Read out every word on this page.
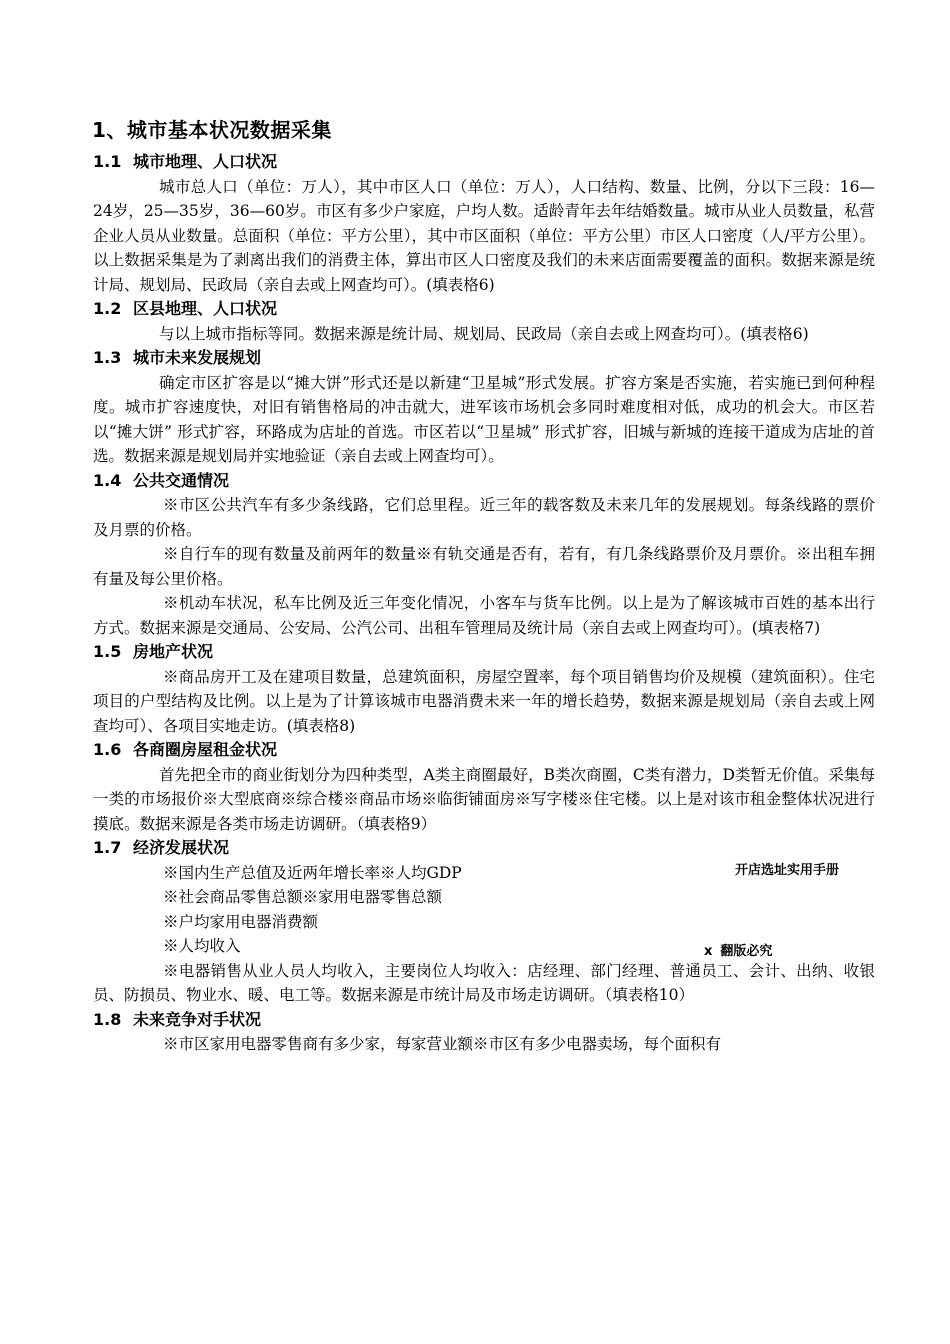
1、城市基本状况数据采集
1.1 城市地理、人口状况
城市总人口（单位：万人），其中市区人口（单位：万人），人口结构、数量、比例，分以下三段：16—24岁，25—35岁，36—60岁。市区有多少户家庭，户均人数。适龄青年去年结婚数量。城市从业人员数量，私营企业人员从业数量。总面积（单位：平方公里），其中市区面积（单位：平方公里）市区人口密度（人/平方公里）。以上数据采集是为了剥离出我们的消费主体，算出市区人口密度及我们的未来店面需要覆盖的面积。数据来源是统计局、规划局、民政局（亲自去或上网查均可）。(填表格6)
1.2 区县地理、人口状况
与以上城市指标等同。数据来源是统计局、规划局、民政局（亲自去或上网查均可）。(填表格6)
1.3 城市未来发展规划
确定市区扩容是以“摊大饼”形式还是以新建“卫星城”形式发展。扩容方案是否实施，若实施已到何种程度。城市扩容速度快，对旧有销售格局的冲击就大，进军该市场机会多同时难度相对低，成功的机会大。市区若以“摊大饼” 形式扩容，环路成为店址的首选。市区若以“卫星城” 形式扩容，旧城与新城的连接干道成为店址的首选。数据来源是规划局并实地验证（亲自去或上网查均可）。
1.4 公共交通情况
※市区公共汽车有多少条线路，它们总里程。近三年的载客数及未来几年的发展规划。每条线路的票价及月票的价格。
※自行车的现有数量及前两年的数量※有轨交通是否有，若有，有几条线路票价及月票价。※出租车拥有量及每公里价格。
※机动车状况，私车比例及近三年变化情况，小客车与货车比例。以上是为了解该城市百姓的基本出行方式。数据来源是交通局、公安局、公汽公司、出租车管理局及统计局（亲自去或上网查均可）。(填表格7)
1.5 房地产状况
※商品房开工及在建项目数量，总建筑面积，房屋空置率，每个项目销售均价及规模（建筑面积）。住宅项目的户型结构及比例。以上是为了计算该城市电器消费未来一年的增长趋势，数据来源是规划局（亲自去或上网查均可）、各项目实地走访。(填表格8)
1.6 各商圈房屋租金状况
首先把全市的商业街划分为四种类型，A类主商圈最好，B类次商圈，C类有潜力，D类暂无价值。采集每一类的市场报价※大型底商※综合楼※商品市场※临街铺面房※写字楼※住宅楼。以上是对该市租金整体状况进行摸底。数据来源是各类市场走访调研。（填表格9）
1.7 经济发展状况
※国内生产总值及近两年增长率※人均GDP
※社会商品零售总额※家用电器零售总额
※户均家用电器消费额
※人均收入
※电器销售从业人员人均收入，主要岗位人均收入：店经理、部门经理、普通员工、会计、出纳、收银员、防损员、物业水、暖、电工等。数据来源是市统计局及市场走访调研。（填表格10）
1.8 未来竞争对手状况
※市区家用电器零售商有多少家，每家营业额※市区有多少电器卖场，每个面积有
开店选址实用手册
x 翻版必究
